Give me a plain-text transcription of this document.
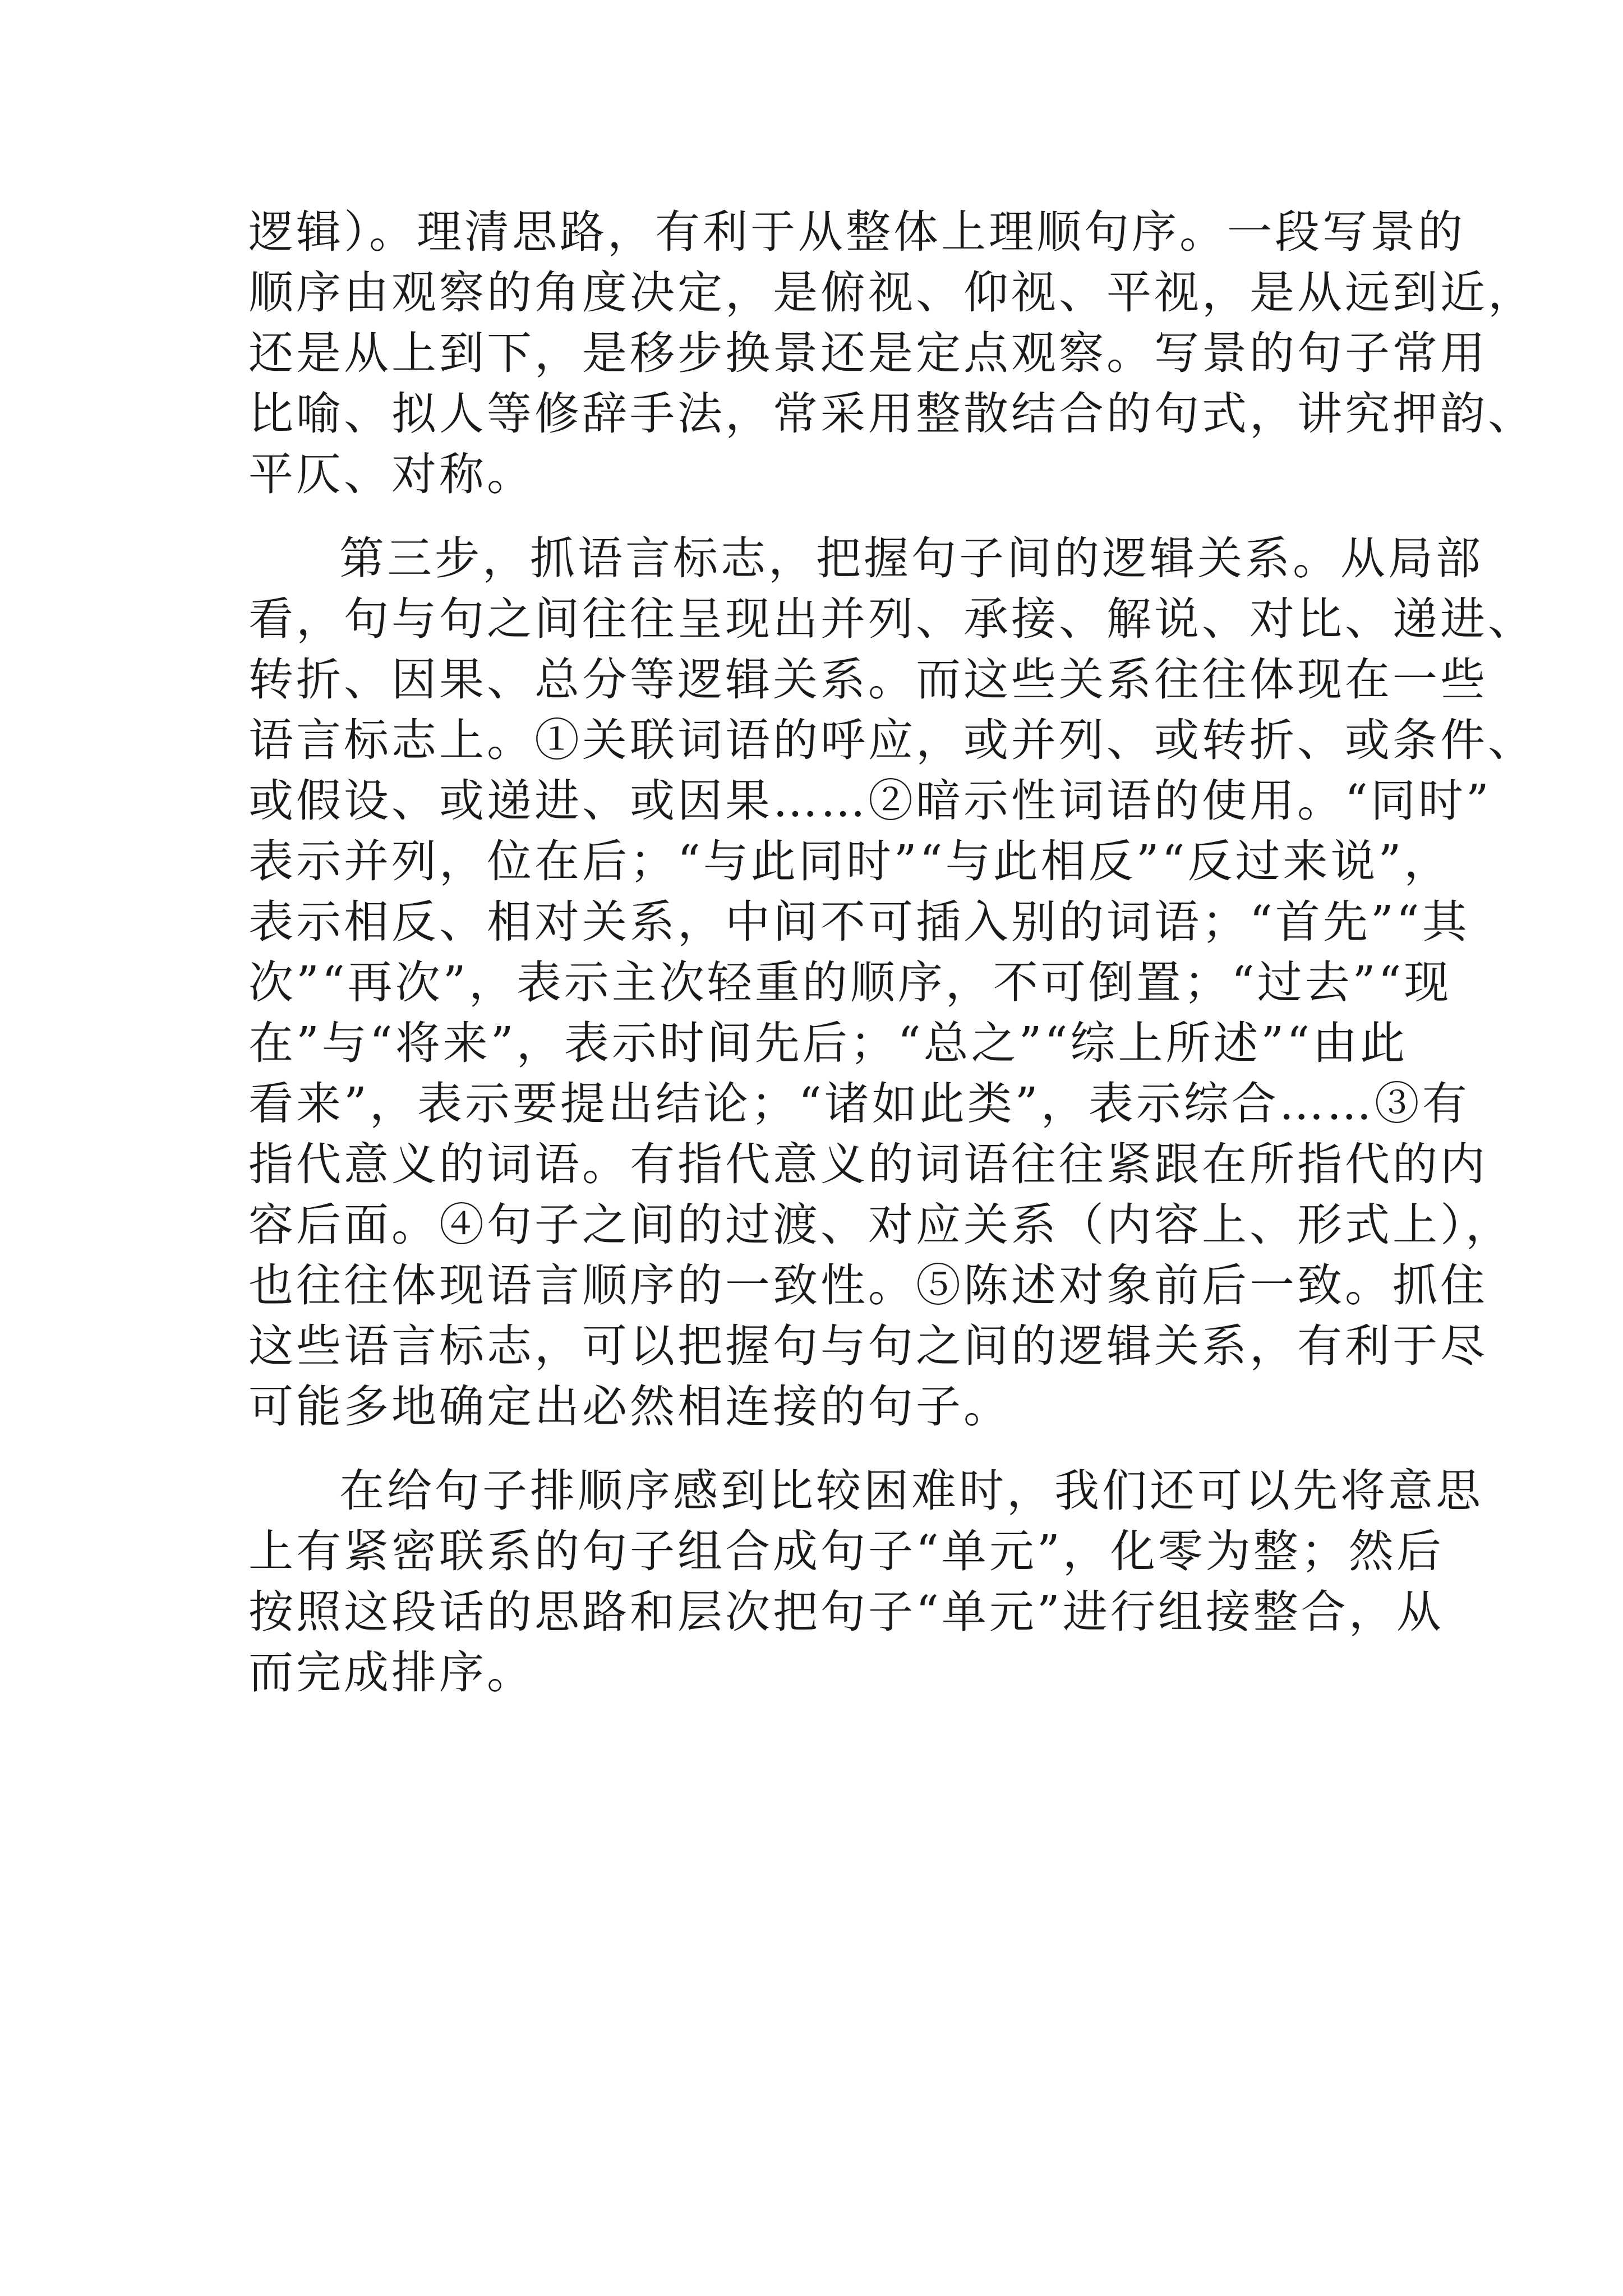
逻辑）。理清思路，有利于从整体上理顺句序。一段写景的
顺序由观察的角度决定，是俯视、仰视、平视，是从远到近，
还是从上到下，是移步换景还是定点观察。写景的句子常用
比喻、拟人等修辞手法，常采用整散结合的句式，讲究押韵、
平仄、对称。
第三步，抓语言标志，把握句子间的逻辑关系。从局部
看，句与句之间往往呈现出并列、承接、解说、对比、递进、
转折、因果、总分等逻辑关系。而这些关系往往体现在一些
语言标志上。①关联词语的呼应，或并列、或转折、或条件、
或假设、或递进、或因果……②暗示性词语的使用。“同时”
表示并列，位在后；“与此同时”“与此相反”“反过来说”，
表示相反、相对关系，中间不可插入别的词语；“首先”“其
次”“再次”，表示主次轻重的顺序，不可倒置；“过去”“现
在”与“将来”，表示时间先后；“总之”“综上所述”“由此
看来”，表示要提出结论；“诸如此类”，表示综合……③有
指代意义的词语。有指代意义的词语往往紧跟在所指代的内
容后面。④句子之间的过渡、对应关系（内容上、形式上），
也往往体现语言顺序的一致性。⑤陈述对象前后一致。抓住
这些语言标志，可以把握句与句之间的逻辑关系，有利于尽
可能多地确定出必然相连接的句子。
在给句子排顺序感到比较困难时，我们还可以先将意思
上有紧密联系的句子组合成句子“单元”，化零为整；然后
按照这段话的思路和层次把句子“单元”进行组接整合，从
而完成排序。
